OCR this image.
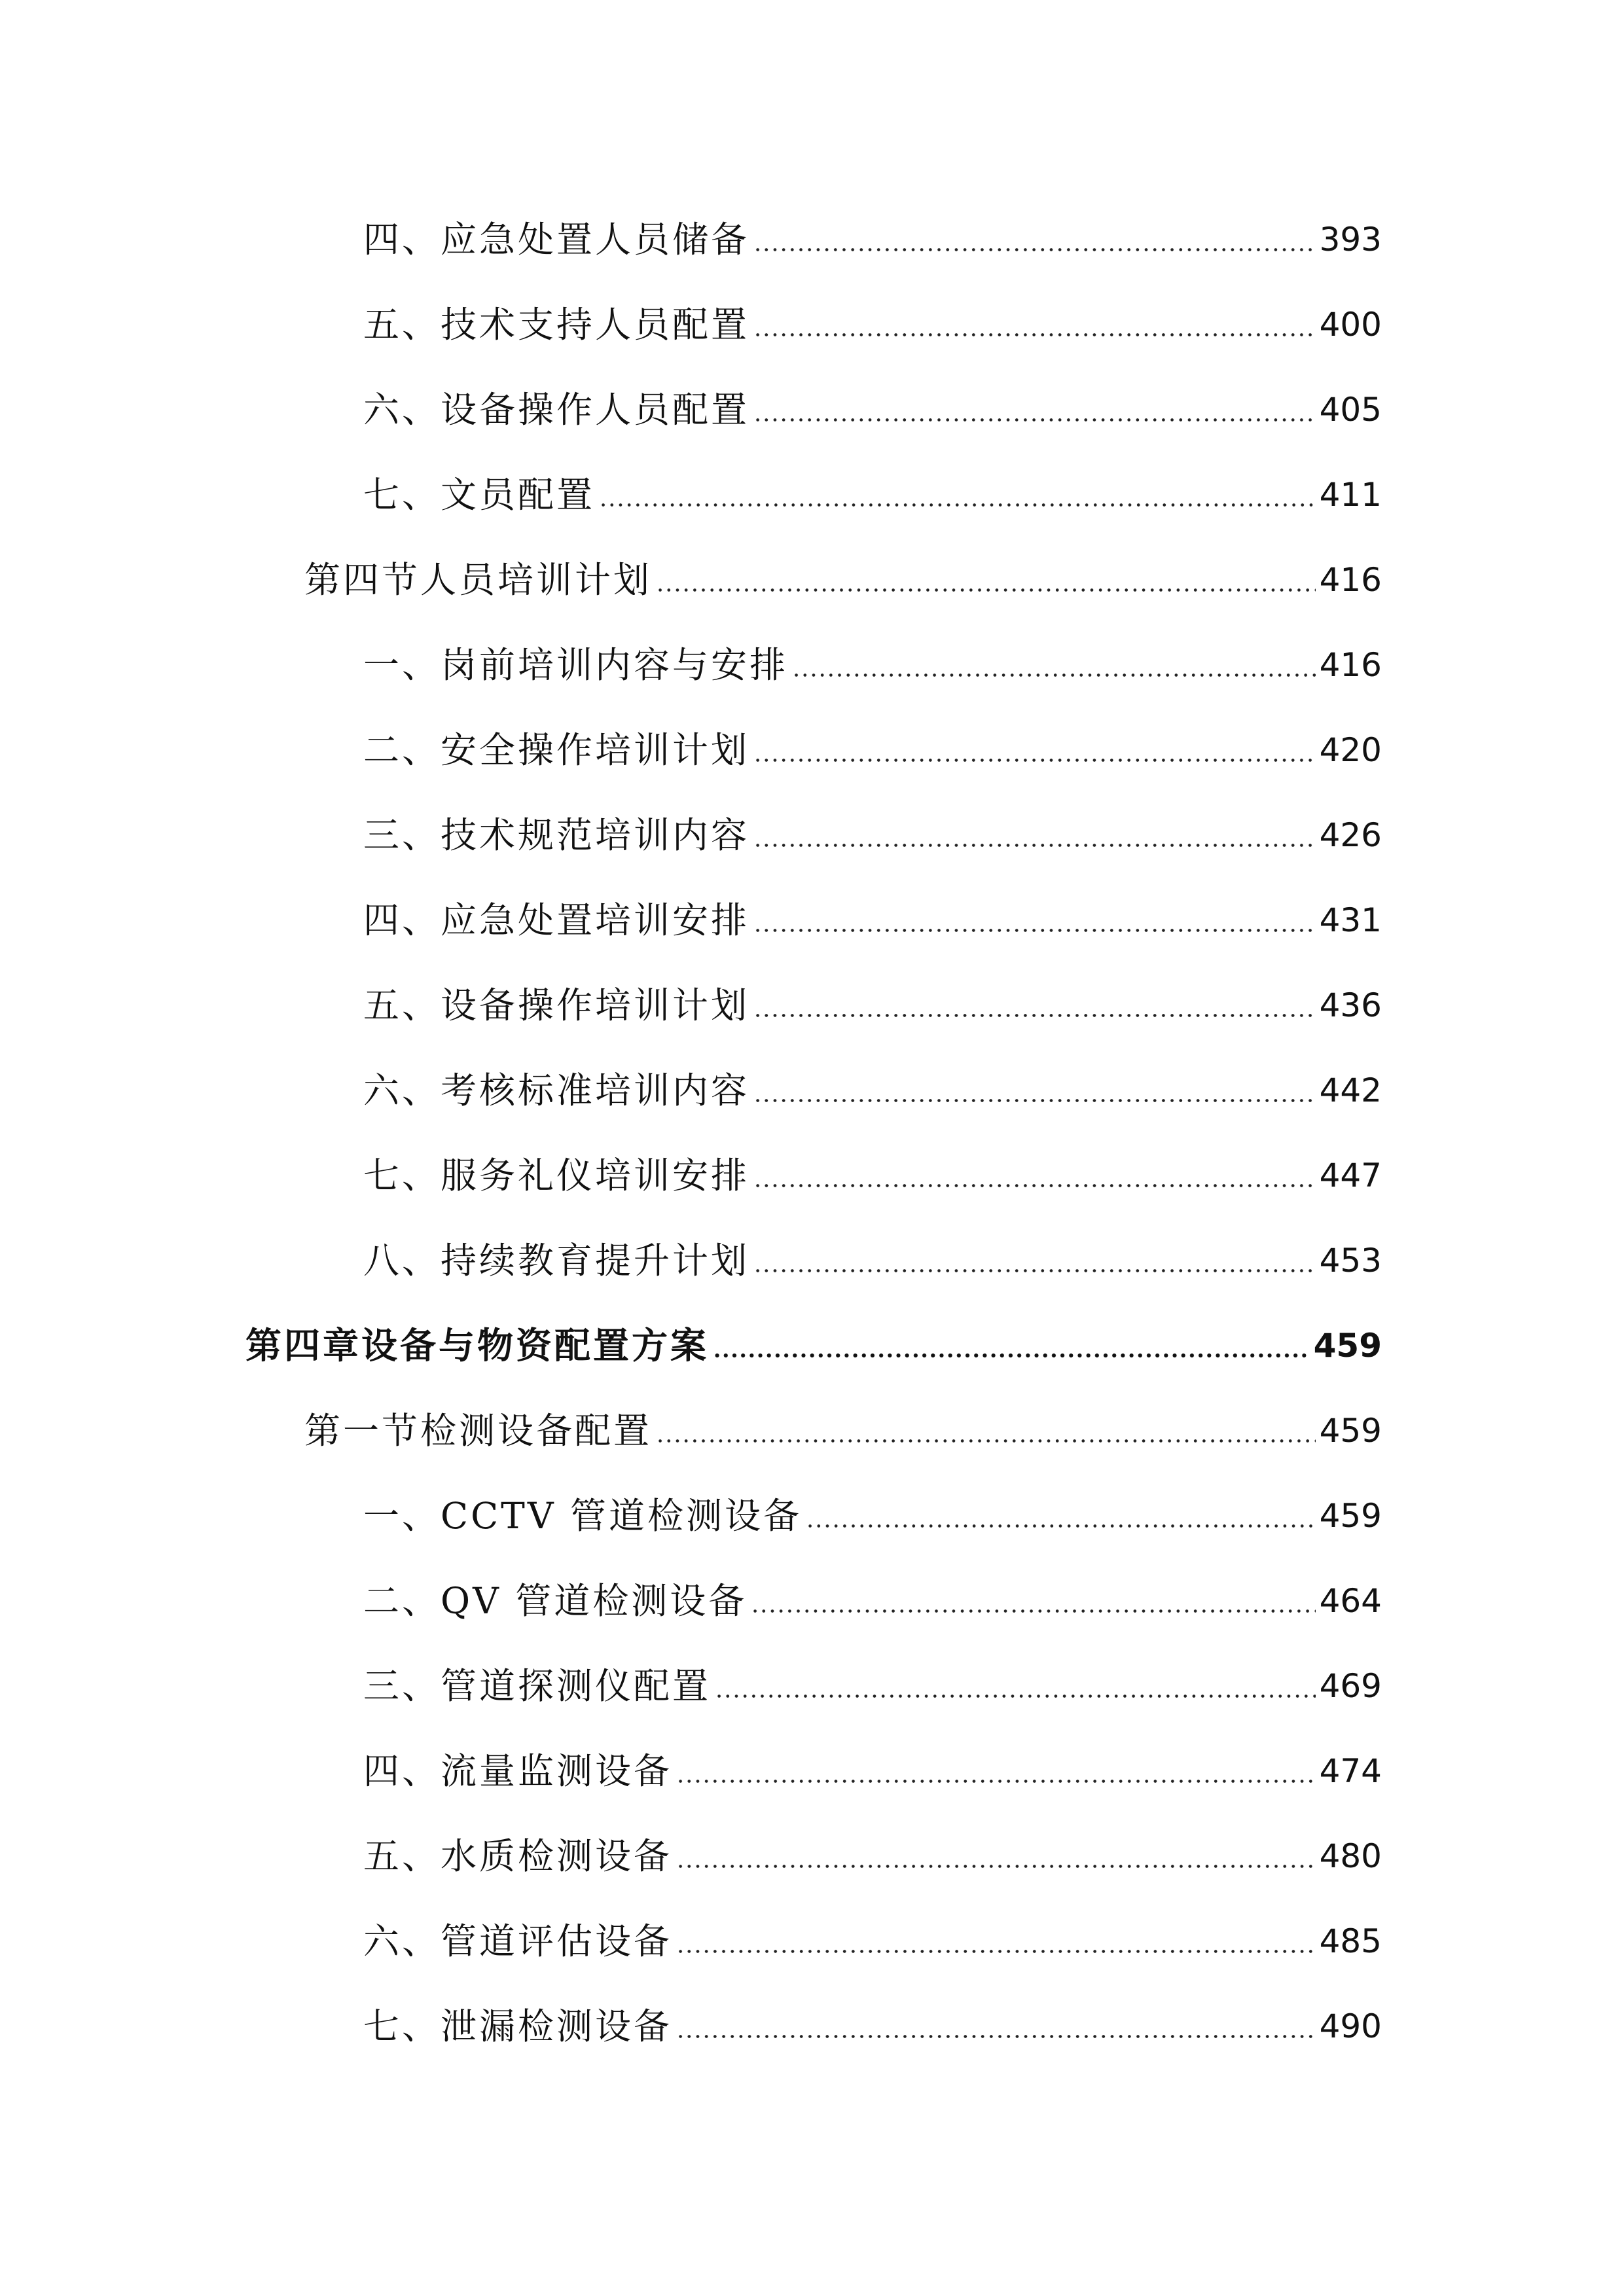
四、应急处置人员储备	393
五、技术支持人员配置	400
六、设备操作人员配置	405
七、文员配置	411
第四节人员培训计划	416
一、岗前培训内容与安排	416
二、安全操作培训计划	420
三、技术规范培训内容	426
四、应急处置培训安排	431
五、设备操作培训计划	436
六、考核标准培训内容	442
七、服务礼仪培训安排	447
八、持续教育提升计划	453
第四章设备与物资配置方案	459
第一节检测设备配置	459
一、CCTV 管道检测设备	459
二、QV 管道检测设备	464
三、管道探测仪配置	469
四、流量监测设备	474
五、水质检测设备	480
六、管道评估设备	485
七、泄漏检测设备	490
